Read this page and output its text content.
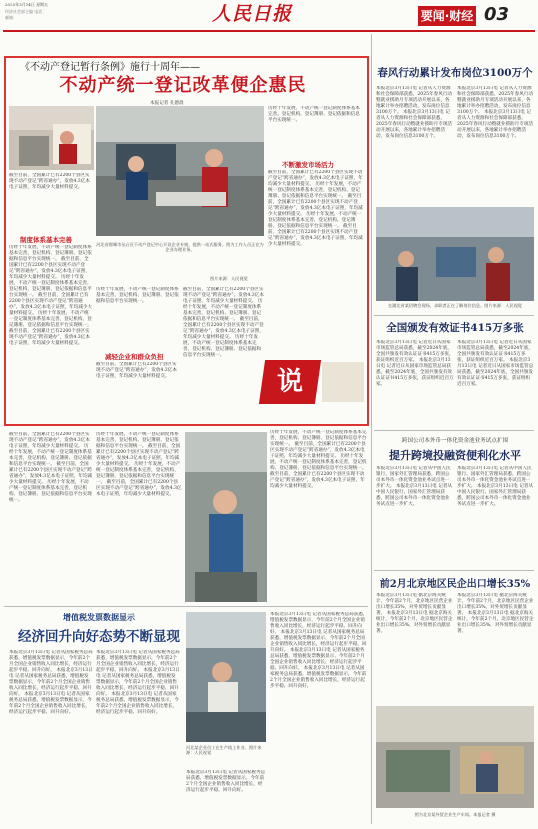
2025年3月14日 星期五
经济社会部主编 电话：
邮箱：	人民日报	要闻·财经 03
《不动产登记暂行条例》施行十周年——
不动产统一登记改革便企惠民
本报记者 孔德晨
河北省邯郸市丛台区不动产登记中心开设企业专窗，提供一站式服务。图为工作人员正在为企业办理业务。
图片来源：人民视觉
截至目前，全国累计已有2200个县区实现不动产登记“跨省通办”，发放4.3亿本电子证照，年均减少大量材料提交。
制度体系基本完善
历经十年发展，不动产统一登记制度体系基本完善，登记机构、登记簿册、登记依据和信息平台实现统一。 截至目前，全国累计已有2200个县区实现不动产登记“跨省通办”，发放4.3亿本电子证照，年均减少大量材料提交。 历经十年发展，不动产统一登记制度体系基本完善，登记机构、登记簿册、登记依据和信息平台实现统一。 截至目前，全国累计已有2200个县区实现不动产登记“跨省通办”，发放4.3亿本电子证照，年均减少大量材料提交。 历经十年发展，不动产统一登记制度体系基本完善，登记机构、登记簿册、登记依据和信息平台实现统一。 截至目前，全国累计已有2200个县区实现不动产登记“跨省通办”，发放4.3亿本电子证照，年均减少大量材料提交。
历经十年发展，不动产统一登记制度体系基本完善，登记机构、登记簿册、登记依据和信息平台实现统一。
减轻企业和群众负担
截至目前，全国累计已有2200个县区实现不动产登记“跨省通办”，发放4.3亿本电子证照，年均减少大量材料提交。
截至目前，全国累计已有2200个县区实现不动产登记“跨省通办”，发放4.3亿本电子证照，年均减少大量材料提交。 历经十年发展，不动产统一登记制度体系基本完善，登记机构、登记簿册、登记依据和信息平台实现统一。 截至目前，全国累计已有2200个县区实现不动产登记“跨省通办”，发放4.3亿本电子证照，年均减少大量材料提交。 历经十年发展，不动产统一登记制度体系基本完善，登记机构、登记簿册、登记依据和信息平台实现统一。
历经十年发展，不动产统一登记制度体系基本完善，登记机构、登记簿册、登记依据和信息平台实现统一。
不断激发市场活力
截至目前，全国累计已有2200个县区实现不动产登记“跨省通办”，发放4.3亿本电子证照，年均减少大量材料提交。 历经十年发展，不动产统一登记制度体系基本完善，登记机构、登记簿册、登记依据和信息平台实现统一。 截至目前，全国累计已有2200个县区实现不动产登记“跨省通办”，发放4.3亿本电子证照，年均减少大量材料提交。 历经十年发展，不动产统一登记制度体系基本完善，登记机构、登记簿册、登记依据和信息平台实现统一。 截至目前，全国累计已有2200个县区实现不动产登记“跨省通办”，发放4.3亿本电子证照，年均减少大量材料提交。
说
春风行动累计发布岗位3100万个
本报北京3月13日电 记者从人力资源和社会保障部获悉，2025年春风行动暨就业援助月专项活动开展以来，各地累计举办招聘活动，发布岗位信息3100万个。 本报北京3月13日电 记者从人力资源和社会保障部获悉，2025年春风行动暨就业援助月专项活动开展以来，各地累计举办招聘活动，发布岗位信息3100万个。
本报北京3月13日电 记者从人力资源和社会保障部获悉，2025年春风行动暨就业援助月专项活动开展以来，各地累计举办招聘活动，发布岗位信息3100万个。 本报北京3月13日电 记者从人力资源和社会保障部获悉，2025年春风行动暨就业援助月专项活动开展以来，各地累计举办招聘活动，发布岗位信息3100万个。
在湖北省某招聘会现场，求职者正在了解岗位信息。图片来源：人民视觉
全国颁发有效证书415万多张
本报北京3月13日电 记者近日从国家市场监管总局获悉，截至2024年底，全国共颁发有效认证证书415万多张，获证组织近百万家。 本报北京3月13日电 记者近日从国家市场监管总局获悉，截至2024年底，全国共颁发有效认证证书415万多张，获证组织近百万家。
本报北京3月13日电 记者近日从国家市场监管总局获悉，截至2024年底，全国共颁发有效认证证书415万多张，获证组织近百万家。 本报北京3月13日电 记者近日从国家市场监管总局获悉，截至2024年底，全国共颁发有效认证证书415万多张，获证组织近百万家。
跨国公司本外币一体化资金池业务试点扩围
提升跨境投融资便利化水平
本报北京3月13日电 记者从中国人民银行、国家外汇管理局获悉，跨国公司本外币一体化资金池业务试点进一步扩大。 本报北京3月13日电 记者从中国人民银行、国家外汇管理局获悉，跨国公司本外币一体化资金池业务试点进一步扩大。
本报北京3月13日电 记者从中国人民银行、国家外汇管理局获悉，跨国公司本外币一体化资金池业务试点进一步扩大。 本报北京3月13日电 记者从中国人民银行、国家外汇管理局获悉，跨国公司本外币一体化资金池业务试点进一步扩大。
前2月北京地区民企出口增长35%
本报北京3月13日电 据北京海关统计，今年前2个月，北京地区民营企业出口增长35%，对外贸增长贡献显著。 本报北京3月13日电 据北京海关统计，今年前2个月，北京地区民营企业出口增长35%，对外贸增长贡献显著。
本报北京3月13日电 据北京海关统计，今年前2个月，北京地区民营企业出口增长35%，对外贸增长贡献显著。 本报北京3月13日电 据北京海关统计，今年前2个月，北京地区民营企业出口增长35%，对外贸增长贡献显著。
图为北京某外贸企业生产车间。本报记者 摄
历经十年发展，不动产统一登记制度体系基本完善，登记机构、登记簿册、登记依据和信息平台实现统一。 截至目前，全国累计已有2200个县区实现不动产登记“跨省通办”，发放4.3亿本电子证照，年均减少大量材料提交。 历经十年发展，不动产统一登记制度体系基本完善，登记机构、登记簿册、登记依据和信息平台实现统一。 截至目前，全国累计已有2200个县区实现不动产登记“跨省通办”，发放4.3亿本电子证照，年均减少大量材料提交。
截至目前，全国累计已有2200个县区实现不动产登记“跨省通办”，发放4.3亿本电子证照，年均减少大量材料提交。 历经十年发展，不动产统一登记制度体系基本完善，登记机构、登记簿册、登记依据和信息平台实现统一。 截至目前，全国累计已有2200个县区实现不动产登记“跨省通办”，发放4.3亿本电子证照，年均减少大量材料提交。 历经十年发展，不动产统一登记制度体系基本完善，登记机构、登记簿册、登记依据和信息平台实现统一。
历经十年发展，不动产统一登记制度体系基本完善，登记机构、登记簿册、登记依据和信息平台实现统一。 截至目前，全国累计已有2200个县区实现不动产登记“跨省通办”，发放4.3亿本电子证照，年均减少大量材料提交。 历经十年发展，不动产统一登记制度体系基本完善，登记机构、登记簿册、登记依据和信息平台实现统一。 截至目前，全国累计已有2200个县区实现不动产登记“跨省通办”，发放4.3亿本电子证照，年均减少大量材料提交。
增值税发票数据显示
经济回升向好态势不断显现
本报北京3月13日电 记者从国家税务总局获悉，增值税发票数据显示，今年前2个月全国企业销售收入同比增长，经济运行起步平稳、回升向好。 本报北京3月13日电 记者从国家税务总局获悉，增值税发票数据显示，今年前2个月全国企业销售收入同比增长，经济运行起步平稳、回升向好。 本报北京3月13日电 记者从国家税务总局获悉，增值税发票数据显示，今年前2个月全国企业销售收入同比增长，经济运行起步平稳、回升向好。
本报北京3月13日电 记者从国家税务总局获悉，增值税发票数据显示，今年前2个月全国企业销售收入同比增长，经济运行起步平稳、回升向好。 本报北京3月13日电 记者从国家税务总局获悉，增值税发票数据显示，今年前2个月全国企业销售收入同比增长，经济运行起步平稳、回升向好。 本报北京3月13日电 记者从国家税务总局获悉，增值税发票数据显示，今年前2个月全国企业销售收入同比增长，经济运行起步平稳、回升向好。
河北某企业员工在生产线上作业。图片来源：人民视觉
本报北京3月13日电 记者从国家税务总局获悉，增值税发票数据显示，今年前2个月全国企业销售收入同比增长，经济运行起步平稳、回升向好。
本报北京3月13日电 记者从国家税务总局获悉，增值税发票数据显示，今年前2个月全国企业销售收入同比增长，经济运行起步平稳、回升向好。 本报北京3月13日电 记者从国家税务总局获悉，增值税发票数据显示，今年前2个月全国企业销售收入同比增长，经济运行起步平稳、回升向好。 本报北京3月13日电 记者从国家税务总局获悉，增值税发票数据显示，今年前2个月全国企业销售收入同比增长，经济运行起步平稳、回升向好。 本报北京3月13日电 记者从国家税务总局获悉，增值税发票数据显示，今年前2个月全国企业销售收入同比增长，经济运行起步平稳、回升向好。
